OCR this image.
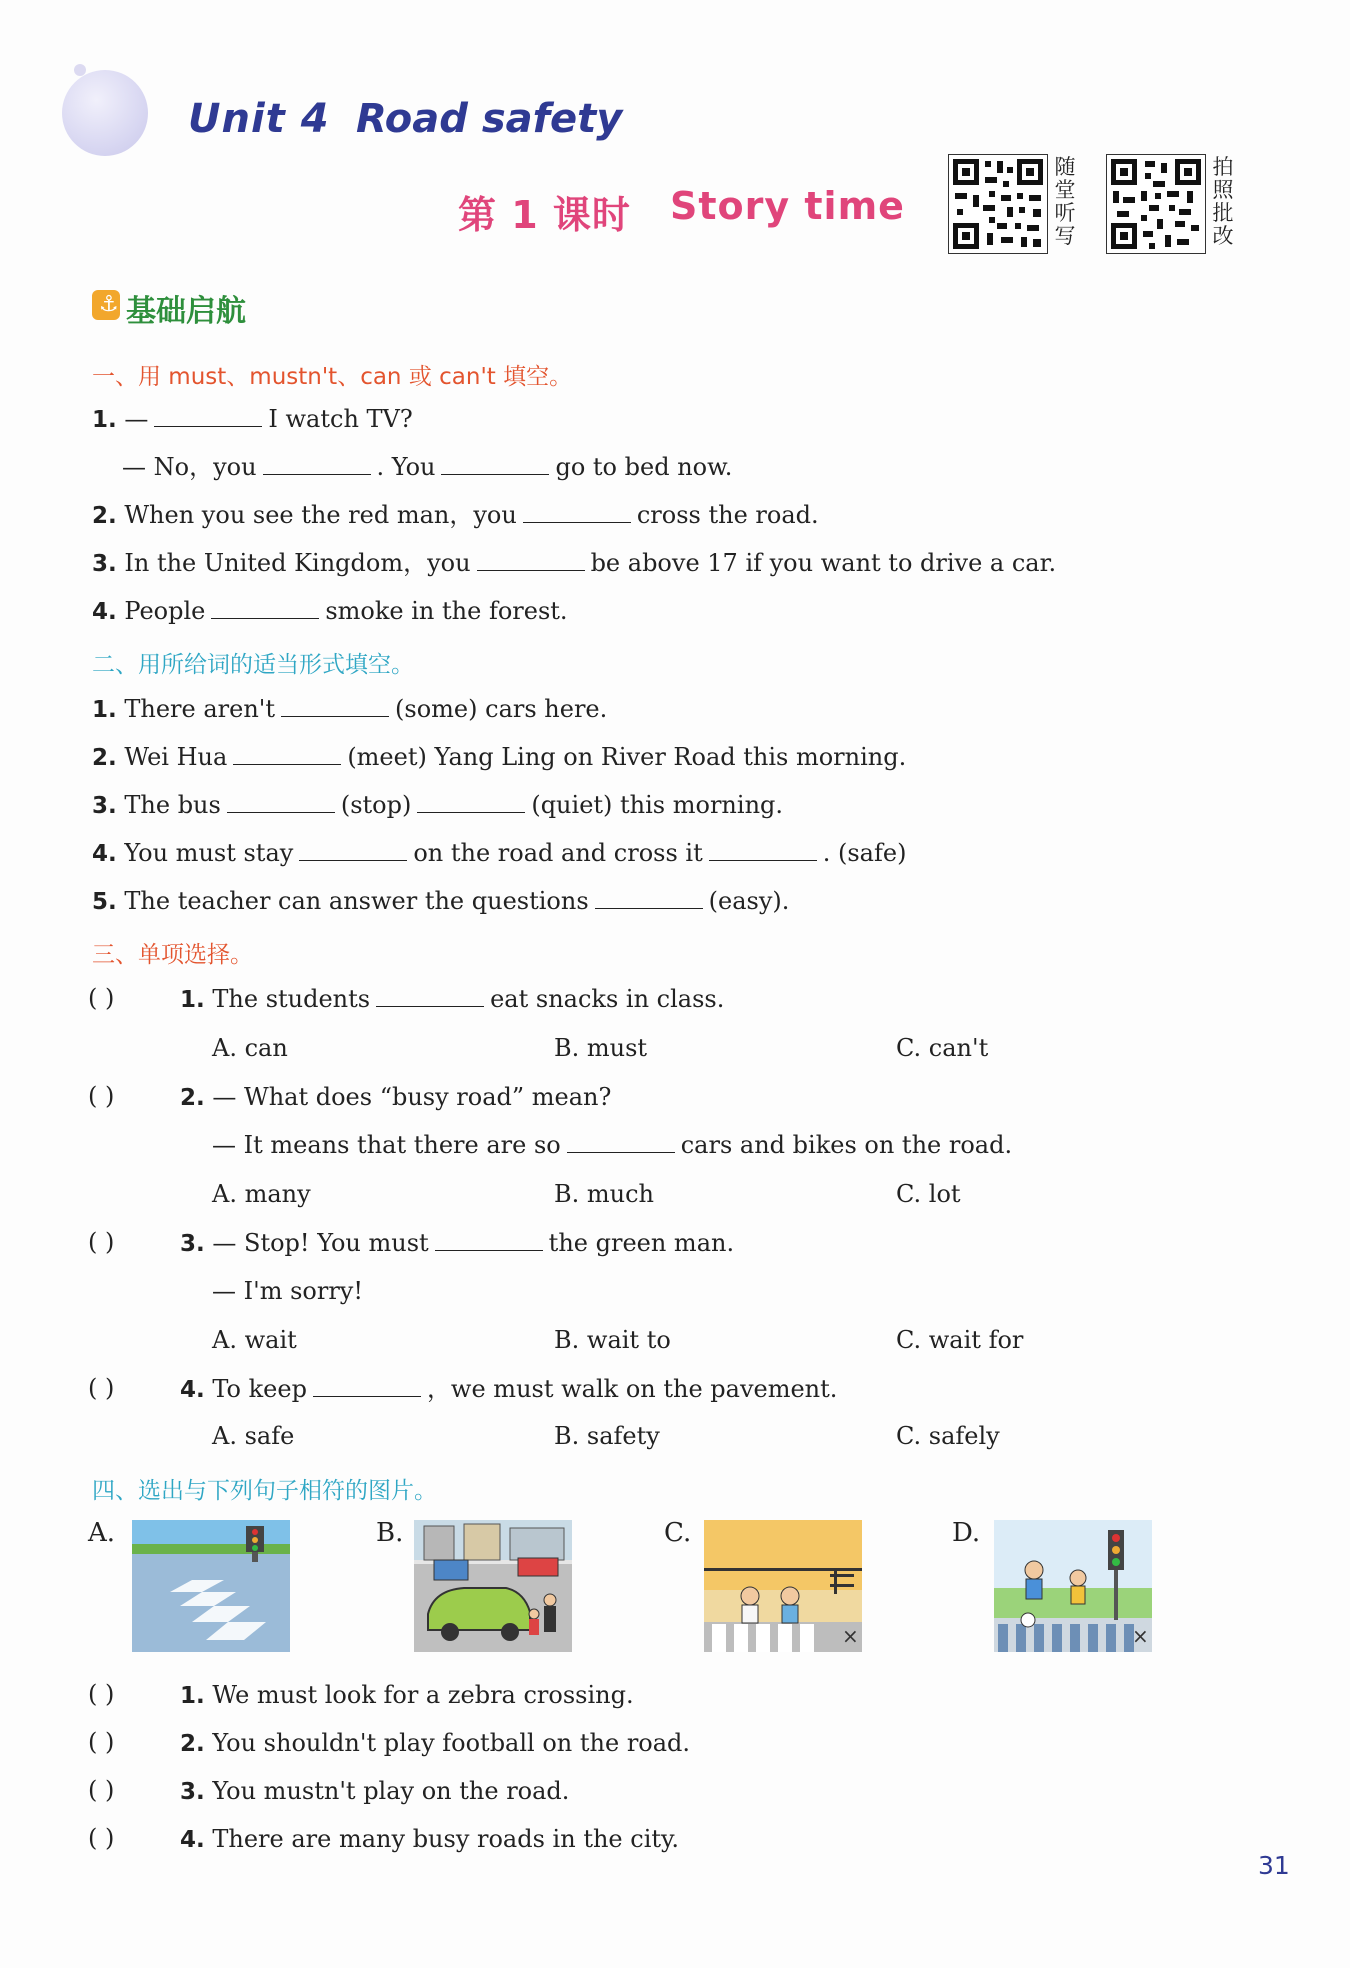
Unit 4 Road safety
第 1 课时 Story time
随
堂
听
写
拍
照
批
改
⚓ 基础启航
一、用 must、mustn't、can 或 can't 填空。
1. —	I watch TV?
— No，you	. You	go to bed now.
2. When you see the red man，you	cross the road.
3. In the United Kingdom，you	be above 17 if you want to drive a car.
4. People	smoke in the forest.
二、用所给词的适当形式填空。
1. There aren't	(some) cars here.
2. Wei Hua	(meet) Yang Ling on River Road this morning.
3. The bus	(stop)	(quiet) this morning.
4. You must stay	on the road and cross it	. (safe)
5. The teacher can answer the questions	(easy).
三、单项选择。
( )	1. The students	eat snacks in class.
A. can	B. must	C. can't
( )	2. — What does “busy road” mean?
— It means that there are so	cars and bikes on the road.
A. many	B. much	C. lot
( )	3. — Stop! You must	the green man.
— I'm sorry!
A. wait	B. wait to	C. wait for
( )	4. To keep	，we must walk on the pavement.
A. safe	B. safety	C. safely
四、选出与下列句子相符的图片。
A.	B.	C.
×
D.
×
( )	1. We must look for a zebra crossing.
( )	2. You shouldn't play football on the road.
( )	3. You mustn't play on the road.
( )	4. There are many busy roads in the city.
31
